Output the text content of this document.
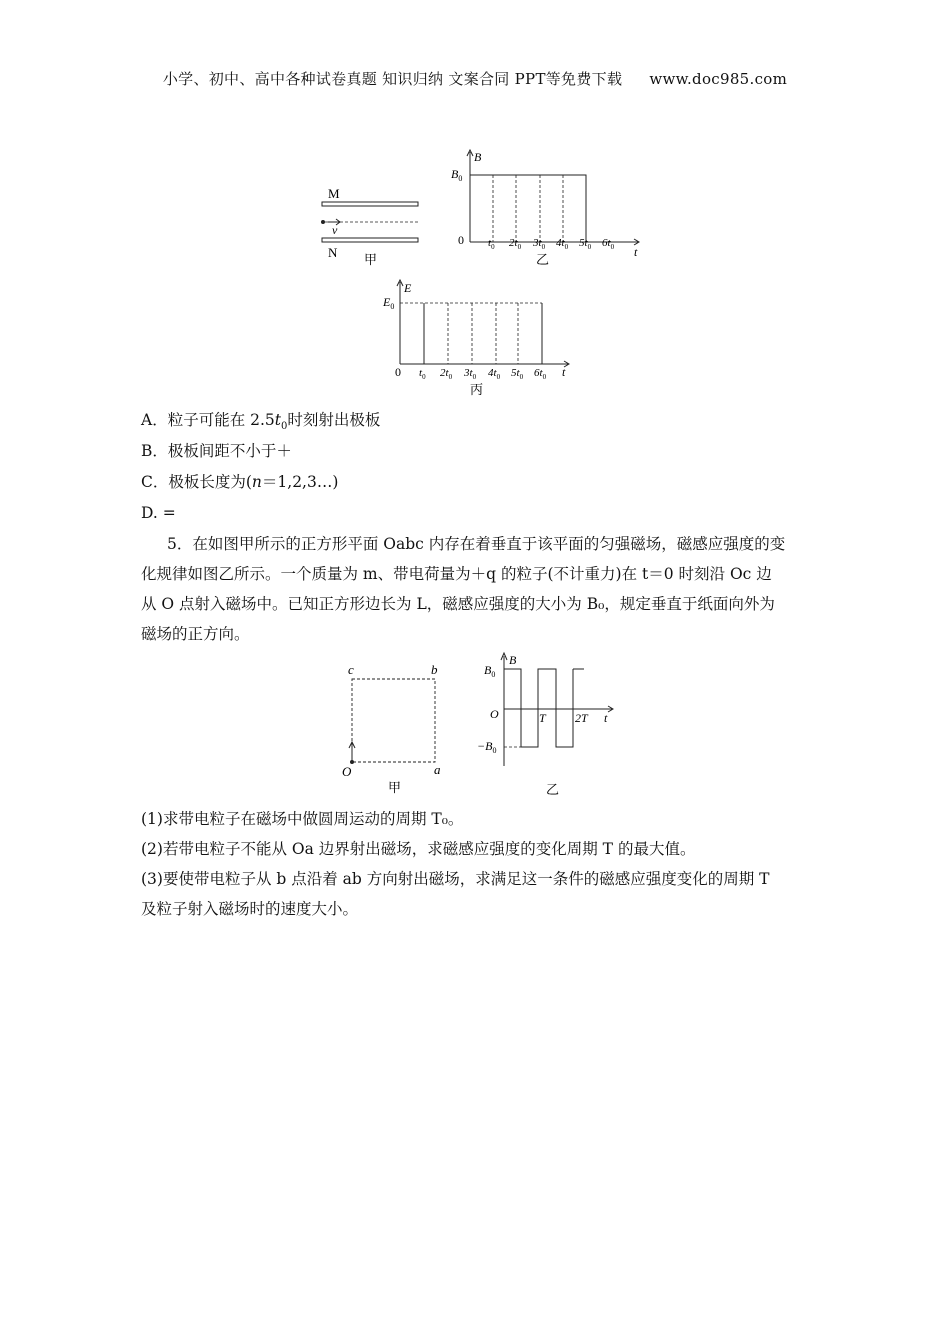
小学、初中、高中各种试卷真题 知识归纳 文案合同 PPT等免费下载 www.doc985.com
M
v
N 甲
B
t
0
$B_0$
$t_0$ $2t_0$ $3t_0$ $4t_0$ $5t_0$ $6t_0$
乙
E
t
0
$E_0$
$t_0$ $2t_0$ $3t_0$ $4t_0$ $5t_0$ $6t_0$
丙
A．粒子可能在 $2.5t_0$时刻射出极板
B．极板间距不小于＋
C．极板长度为(n＝1,2,3…)
D. =
5．在如图甲所示的正方形平面 Oabc 内存在着垂直于该平面的匀强磁场，磁感应强度的变
化规律如图乙所示。一个质量为 m、带电荷量为＋q 的粒子(不计重力)在 t＝0 时刻沿 Oc 边
从 O 点射入磁场中。已知正方形边长为 L，磁感应强度的大小为 B₀，规定垂直于纸面向外为
磁场的正方向。
c	b
O	a
甲
B
t
O
$B_0$
$-B_0$
T 2T
乙
(1)求带电粒子在磁场中做圆周运动的周期 T₀。
(2)若带电粒子不能从 Oa 边界射出磁场，求磁感应强度的变化周期 T 的最大值。
(3)要使带电粒子从 b 点沿着 ab 方向射出磁场，求满足这一条件的磁感应强度变化的周期 T
及粒子射入磁场时的速度大小。
